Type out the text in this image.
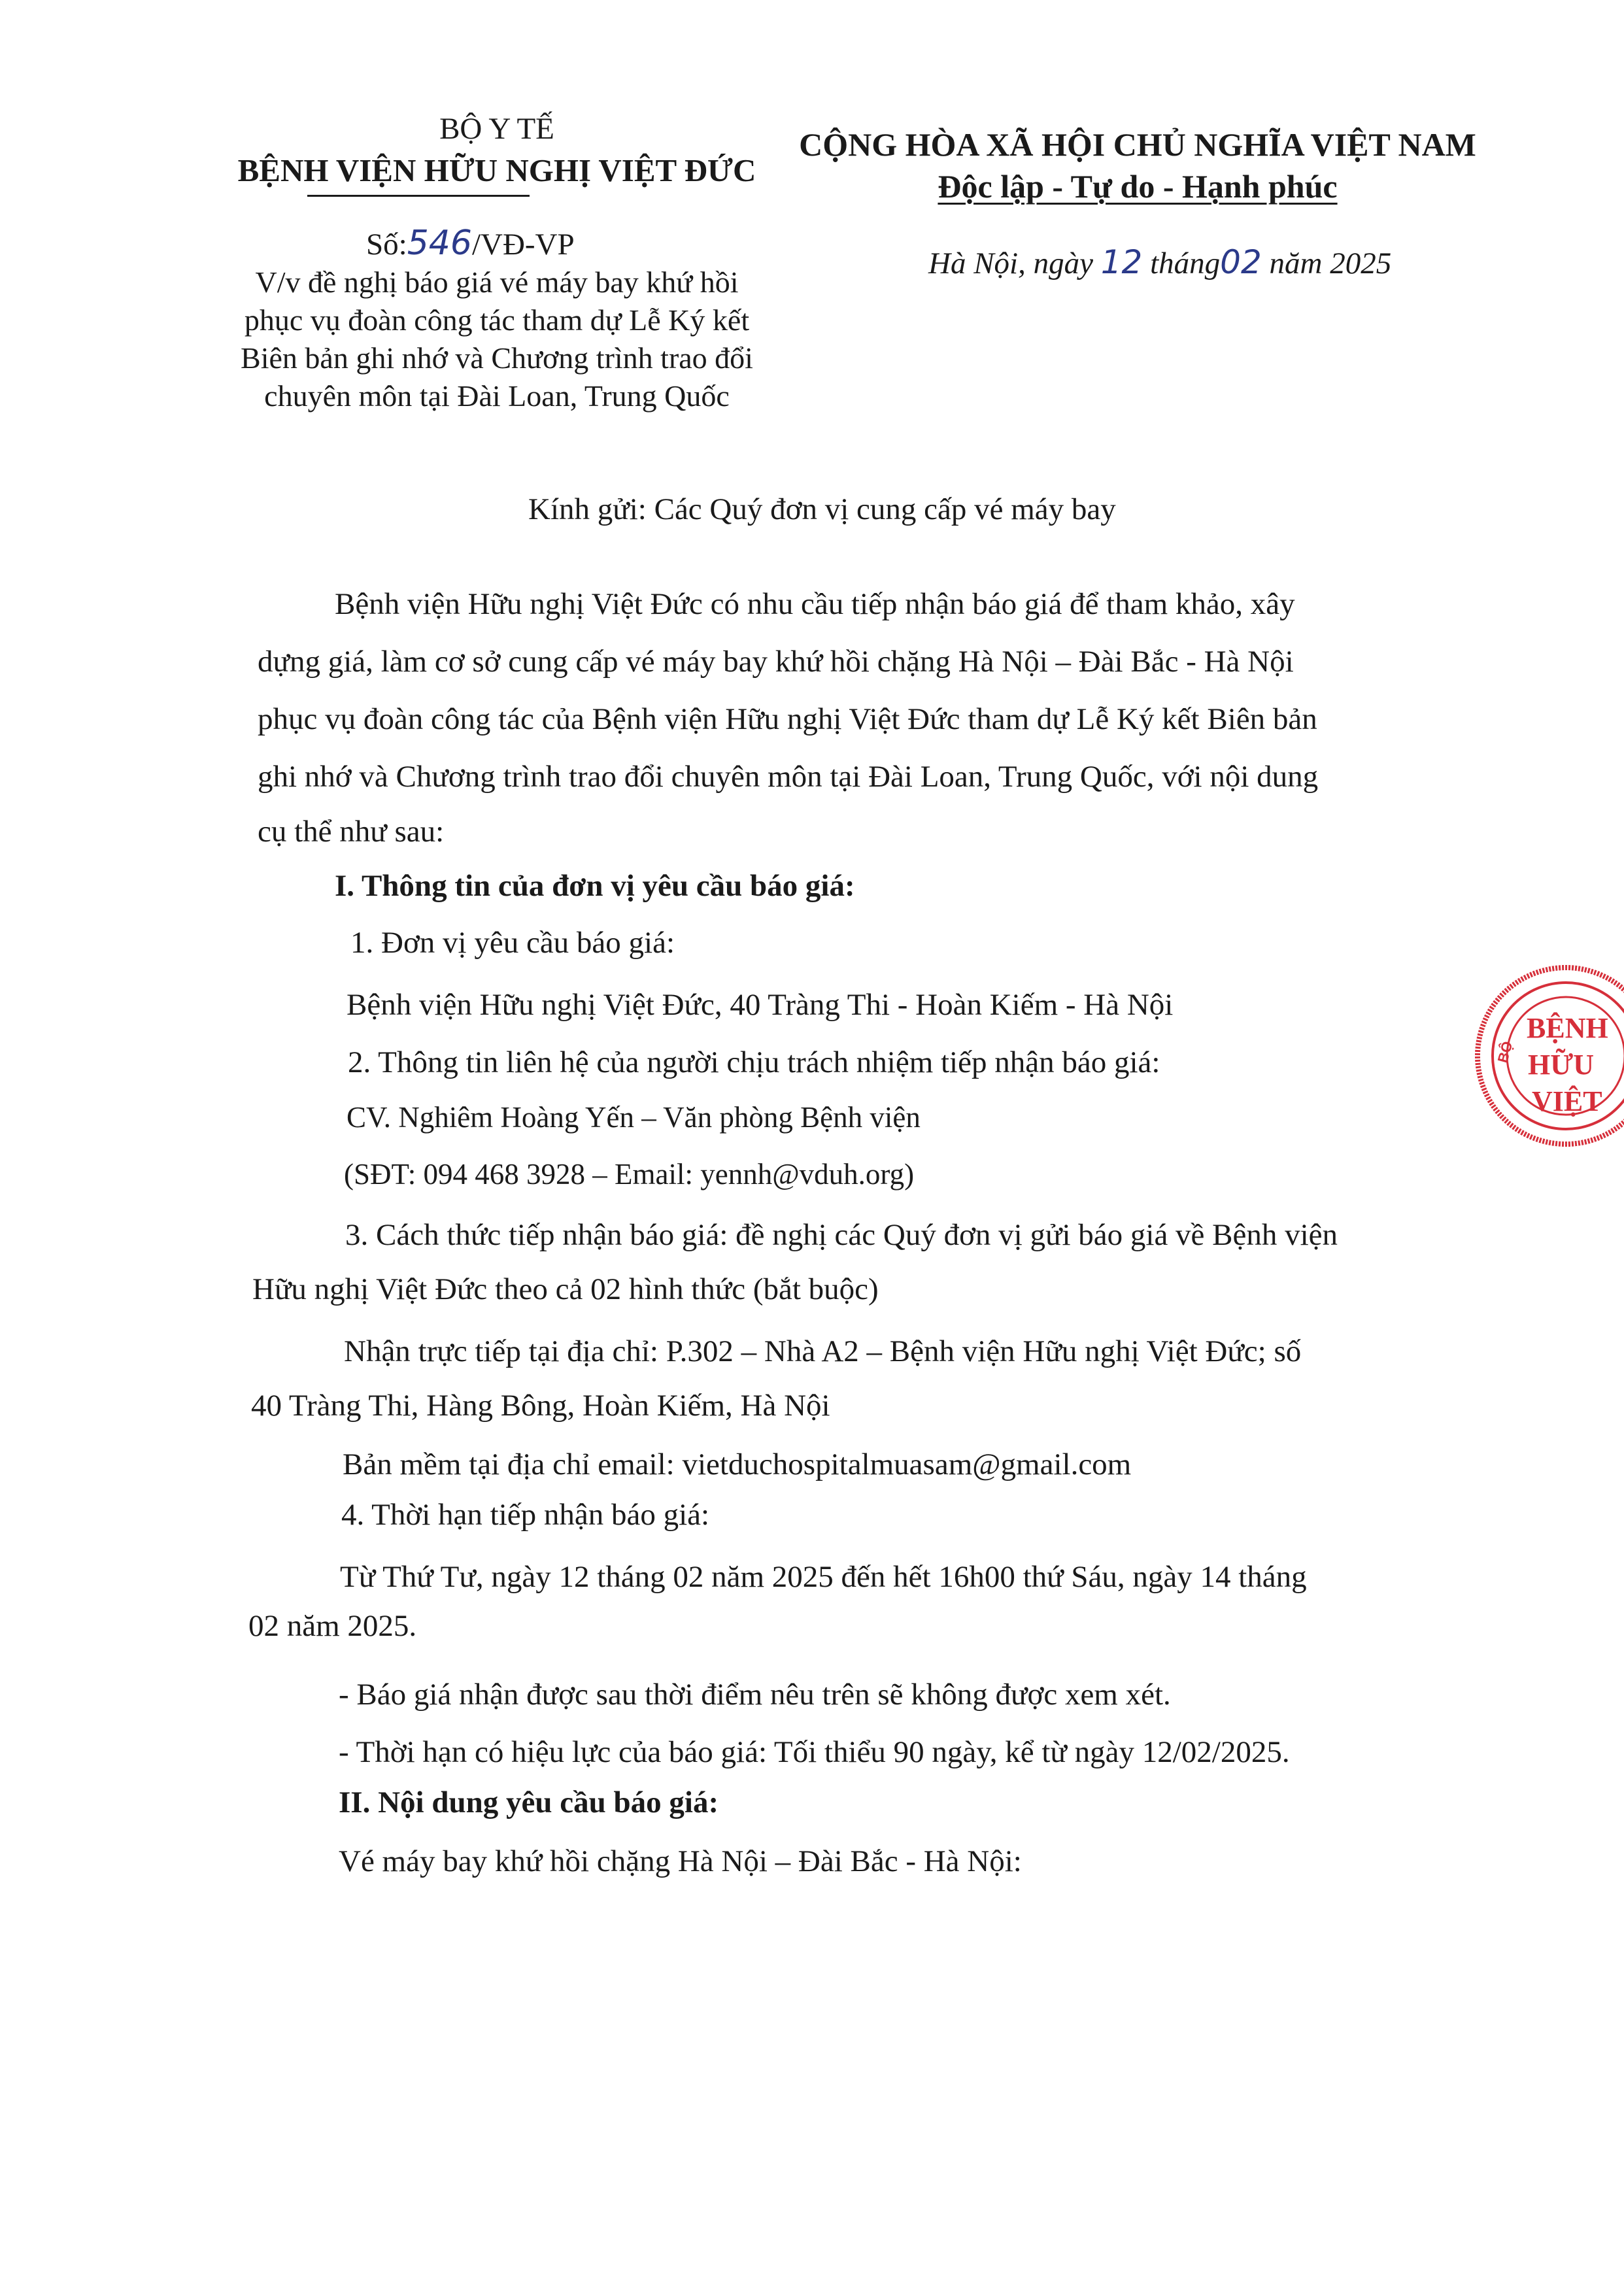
BỘ Y TẾ
BỆNH VIỆN HỮU NGHỊ VIỆT ĐỨC
Số:546/VĐ-VP
V/v đề nghị báo giá vé máy bay khứ hồi
phục vụ đoàn công tác tham dự Lễ Ký kết
Biên bản ghi nhớ và Chương trình trao đổi
chuyên môn tại Đài Loan, Trung Quốc
CỘNG HÒA XÃ HỘI CHỦ NGHĨA VIỆT NAM
Độc lập - Tự do - Hạnh phúc
Hà Nội, ngày 12 tháng02 năm 2025
Kính gửi: Các Quý đơn vị cung cấp vé máy bay
Bệnh viện Hữu nghị Việt Đức có nhu cầu tiếp nhận báo giá để tham khảo, xây
dựng giá, làm cơ sở cung cấp vé máy bay khứ hồi chặng Hà Nội – Đài Bắc - Hà Nội
phục vụ đoàn công tác của Bệnh viện Hữu nghị Việt Đức tham dự Lễ Ký kết Biên bản
ghi nhớ và Chương trình trao đổi chuyên môn tại Đài Loan, Trung Quốc, với nội dung
cụ thể như sau:
I. Thông tin của đơn vị yêu cầu báo giá:
1. Đơn vị yêu cầu báo giá:
Bệnh viện Hữu nghị Việt Đức, 40 Tràng Thi - Hoàn Kiếm - Hà Nội
2. Thông tin liên hệ của người chịu trách nhiệm tiếp nhận báo giá:
CV. Nghiêm Hoàng Yến – Văn phòng Bệnh viện
(SĐT: 094 468 3928 – Email: yennh@vduh.org)
3. Cách thức tiếp nhận báo giá: đề nghị các Quý đơn vị gửi báo giá về Bệnh viện
Hữu nghị Việt Đức theo cả 02 hình thức (bắt buộc)
Nhận trực tiếp tại địa chỉ: P.302 – Nhà A2 – Bệnh viện Hữu nghị Việt Đức; số
40 Tràng Thi, Hàng Bông, Hoàn Kiếm, Hà Nội
Bản mềm tại địa chỉ email: vietduchospitalmuasam@gmail.com
4. Thời hạn tiếp nhận báo giá:
Từ Thứ Tư, ngày 12 tháng 02 năm 2025 đến hết 16h00 thứ Sáu, ngày 14 tháng
02 năm 2025.
- Báo giá nhận được sau thời điểm nêu trên sẽ không được xem xét.
- Thời hạn có hiệu lực của báo giá: Tối thiểu 90 ngày, kể từ ngày 12/02/2025.
II. Nội dung yêu cầu báo giá:
Vé máy bay khứ hồi chặng Hà Nội – Đài Bắc - Hà Nội:
BỘ
BỆNH
HỮU
VIỆT
